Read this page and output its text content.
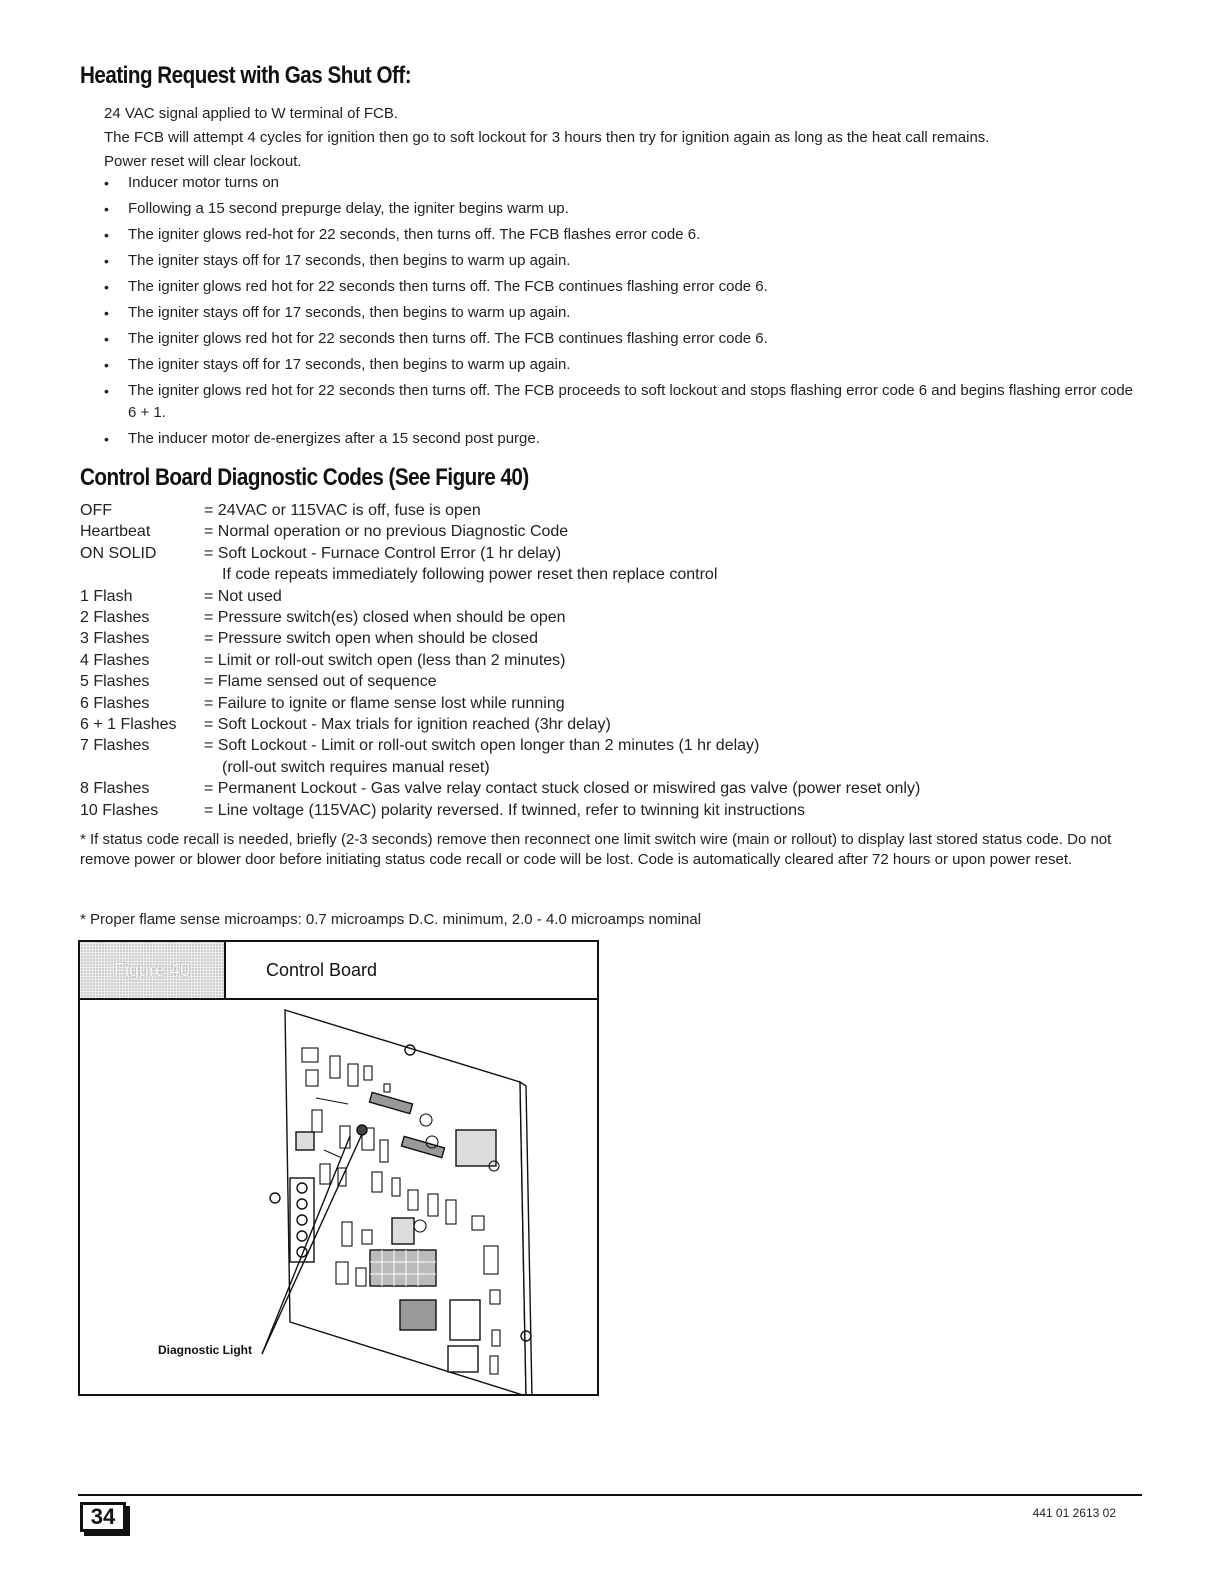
Heating Request with Gas Shut Off:
24 VAC signal applied to W terminal of FCB.
The FCB will attempt 4 cycles for ignition then go to soft lockout for 3 hours then try for ignition again as long as the heat call remains.
Power reset will clear lockout.
• Inducer motor turns on
• Following a 15 second prepurge delay, the igniter begins warm up.
• The igniter glows red-hot for 22 seconds, then turns off. The FCB flashes error code 6.
• The igniter stays off for 17 seconds, then begins to warm up again.
• The igniter glows red hot for 22 seconds then turns off. The FCB continues flashing error code 6.
• The igniter stays off for 17 seconds, then begins to warm up again.
• The igniter glows red hot for 22 seconds then turns off. The FCB continues flashing error code 6.
• The igniter stays off for 17 seconds, then begins to warm up again.
• The igniter glows red hot for 22 seconds then turns off. The FCB proceeds to soft lockout and stops flashing error code 6 and begins flashing error code 6 + 1.
• The inducer motor de-energizes after a 15 second post purge.
Control Board Diagnostic Codes (See Figure 40)
OFF	= 24VAC or 115VAC is off, fuse is open
Heartbeat	= Normal operation or no previous Diagnostic Code
ON SOLID	= Soft Lockout - Furnace Control Error (1 hr delay)
	If code repeats immediately following power reset then replace control
1 Flash	= Not used
2 Flashes	= Pressure switch(es) closed when should be open
3 Flashes	= Pressure switch open when should be closed
4 Flashes	= Limit or roll-out switch open (less than 2 minutes)
5 Flashes	= Flame sensed out of sequence
6 Flashes	= Failure to ignite or flame sense lost while running
6 + 1 Flashes	= Soft Lockout - Max trials for ignition reached (3hr delay)
7 Flashes	= Soft Lockout - Limit or roll-out switch open longer than 2 minutes (1 hr delay)
	(roll-out switch requires manual reset)
8 Flashes	= Permanent Lockout - Gas valve relay contact stuck closed or miswired gas valve (power reset only)
10 Flashes	= Line voltage (115VAC) polarity reversed. If twinned, refer to twinning kit instructions
* If status code recall is needed, briefly (2-3 seconds) remove then reconnect one limit switch wire (main or rollout) to display last stored status code. Do not remove power or blower door before initiating status code recall or code will be lost. Code is automatically cleared after 72 hours or upon power reset.
* Proper flame sense microamps: 0.7 microamps D.C. minimum, 2.0 - 4.0 microamps nominal
Figure 40	Control Board
Diagnostic Light
34	441 01 2613 02
